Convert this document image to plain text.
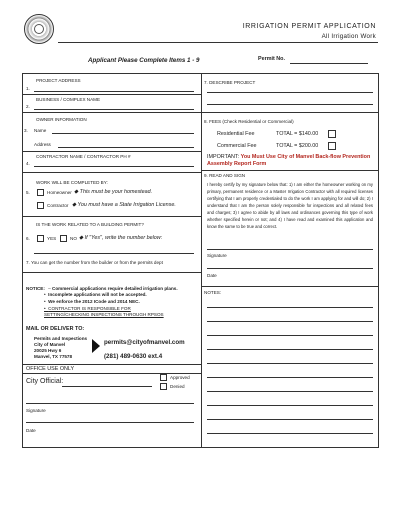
IRRIGATION PERMIT APPLICATION
All Irrigation Work
Applicant Please Complete Items 1 - 9	Permit No.
PROJECT ADDRESS
1.
BUSINESS / COMPLEX NAME
2.
OWNER INFORMATION
3. Name
Address
CONTRACTOR NAME / CONTRACTOR PH #
4.
WORK WILL BE COMPLETED BY:
5.	Homeowner ◆ This must be your homestead.
Contractor ◆ You must have a State Irrigation License.
IS THE WORK RELATED TO A BUILDING PERMIT?
6.	YES	NO ◆ If "Yes", write the number below:
7. You can get the number from the builder or from the permits dept
NOTICE: – Commercial applications require detailed irrigation plans.
•  Incomplete applications will not be accepted.
•  We enforce the 2012 ICode and 2014 NEC.
•  CONTRACTOR IS RESPONSIBLE FOR SETTING/CHECKING INSPECTIONS THROUGH RPSOS
MAIL OR DELIVER TO:
Permits and Inspections
City of Manvel
20025 Hwy 6
Manvel, TX 77578
permits@cityofmanvel.com
(281) 489-0630 ext.4
OFFICE USE ONLY
City Official:
Approved
Denied
Signature
Date
7. DESCRIBE PROJECT
8. FEES (Check Residential or Commercial)
Residential Fee	TOTAL = $140.00
Commercial Fee	TOTAL = $200.00
IMPORTANT: You Must Use City of Manvel Back-flow Prevention Assembly Report Form
9. READ AND SIGN
I hereby certify by my signature below that: 1) I am either the homeowner working on my primary, permanent residence or a Master Irrigation Contractor with all required licenses certifying that I am properly credentialed to do the work I am applying for and will do; 2) I understand that I am the person solely responsible for inspections and all related fees and charges; 3) I agree to abide by all laws and ordinances governing this type of work whether specified herein or not; and 4) I have read and examined this application and know the same to be true and correct.
Signature
Date
NOTES:
